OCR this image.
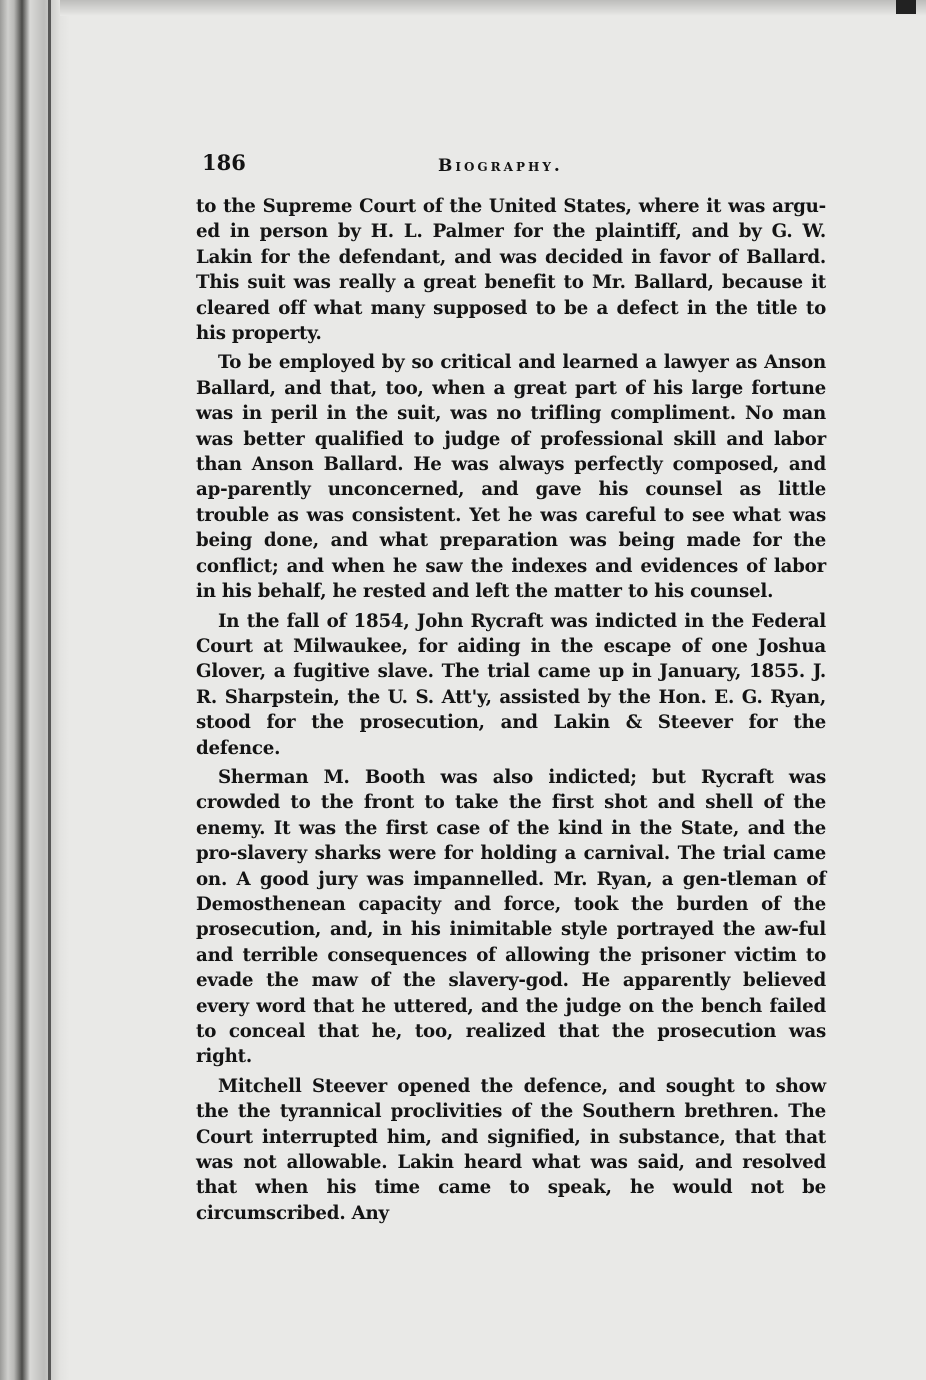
186	Biography.

to the Supreme Court of the United States, where it was argu-ed in person by H. L. Palmer for the plaintiff, and by G. W. Lakin for the defendant, and was decided in favor of Ballard. This suit was really a great benefit to Mr. Ballard, because it cleared off what many supposed to be a defect in the title to his property.

To be employed by so critical and learned a lawyer as Anson Ballard, and that, too, when a great part of his large fortune was in peril in the suit, was no trifling compliment. No man was better qualified to judge of professional skill and labor than Anson Ballard. He was always perfectly composed, and ap-parently unconcerned, and gave his counsel as little trouble as was consistent. Yet he was careful to see what was being done, and what preparation was being made for the conflict; and when he saw the indexes and evidences of labor in his behalf, he rested and left the matter to his counsel.

In the fall of 1854, John Rycraft was indicted in the Federal Court at Milwaukee, for aiding in the escape of one Joshua Glover, a fugitive slave. The trial came up in January, 1855. J. R. Sharpstein, the U. S. Att'y, assisted by the Hon. E. G. Ryan, stood for the prosecution, and Lakin & Steever for the defence.

Sherman M. Booth was also indicted; but Rycraft was crowded to the front to take the first shot and shell of the enemy. It was the first case of the kind in the State, and the pro-slavery sharks were for holding a carnival. The trial came on. A good jury was impannelled. Mr. Ryan, a gen-tleman of Demosthenean capacity and force, took the burden of the prosecution, and, in his inimitable style portrayed the aw-ful and terrible consequences of allowing the prisoner victim to evade the maw of the slavery-god. He apparently believed every word that he uttered, and the judge on the bench failed to conceal that he, too, realized that the prosecution was right.

Mitchell Steever opened the defence, and sought to show the the tyrannical proclivities of the Southern brethren. The Court interrupted him, and signified, in substance, that that was not allowable. Lakin heard what was said, and resolved that when his time came to speak, he would not be circumscribed. Any
